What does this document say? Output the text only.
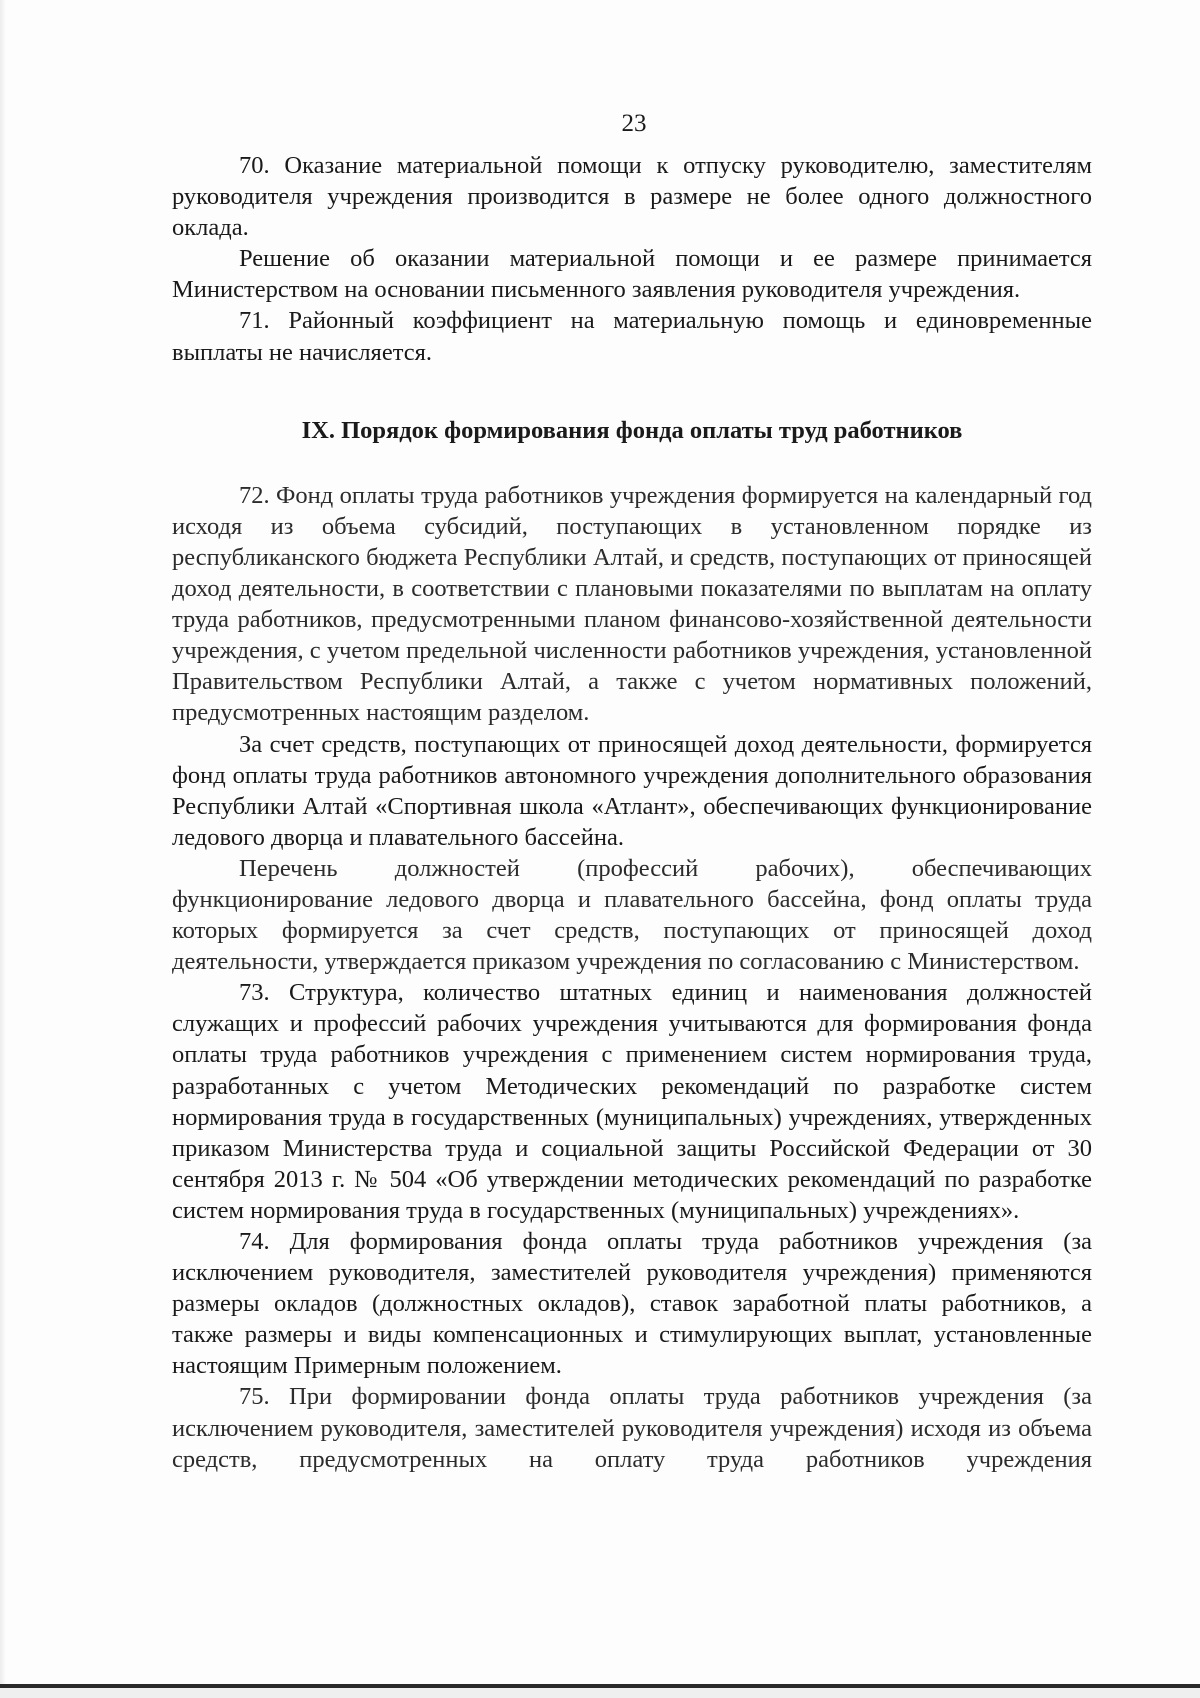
23

70. Оказание материальной помощи к отпуску руководителю, заместителям руководителя учреждения производится в размере не более одного должностного оклада.

Решение об оказании материальной помощи и ее размере принимается Министерством на основании письменного заявления руководителя учреждения.

71. Районный коэффициент на материальную помощь и единовременные выплаты не начисляется.

IX. Порядок формирования фонда оплаты труд работников

72. Фонд оплаты труда работников учреждения формируется на календарный год исходя из объема субсидий, поступающих в установленном порядке из республиканского бюджета Республики Алтай, и средств, поступающих от приносящей доход деятельности, в соответствии с плановыми показателями по выплатам на оплату труда работников, предусмотренными планом финансово-хозяйственной деятельности учреждения, с учетом предельной численности работников учреждения, установленной Правительством Республики Алтай, а также с учетом нормативных положений, предусмотренных настоящим разделом.

За счет средств, поступающих от приносящей доход деятельности, формируется фонд оплаты труда работников автономного учреждения дополнительного образования Республики Алтай «Спортивная школа «Атлант», обеспечивающих функционирование ледового дворца и плавательного бассейна.

Перечень должностей (профессий рабочих), обеспечивающих функционирование ледового дворца и плавательного бассейна, фонд оплаты труда которых формируется за счет средств, поступающих от приносящей доход деятельности, утверждается приказом учреждения по согласованию с Министерством.

73. Структура, количество штатных единиц и наименования должностей служащих и профессий рабочих учреждения учитываются для формирования фонда оплаты труда работников учреждения с применением систем нормирования труда, разработанных с учетом Методических рекомендаций по разработке систем нормирования труда в государственных (муниципальных) учреждениях, утвержденных приказом Министерства труда и социальной защиты Российской Федерации от 30 сентября 2013 г. № 504 «Об утверждении методических рекомендаций по разработке систем нормирования труда в государственных (муниципальных) учреждениях».

74. Для формирования фонда оплаты труда работников учреждения (за исключением руководителя, заместителей руководителя учреждения) применяются размеры окладов (должностных окладов), ставок заработной платы работников, а также размеры и виды компенсационных и стимулирующих выплат, установленные настоящим Примерным положением.

75. При формировании фонда оплаты труда работников учреждения (за исключением руководителя, заместителей руководителя учреждения) исходя из объема средств, предусмотренных на оплату труда работников учреждения
